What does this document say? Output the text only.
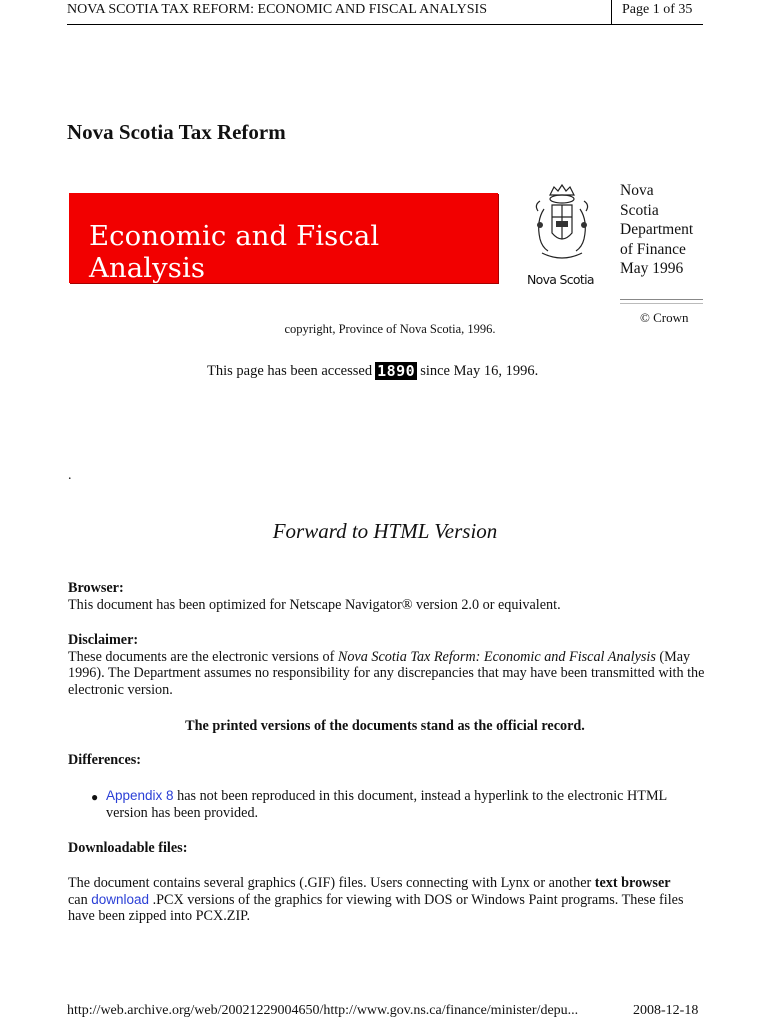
NOVA SCOTIA TAX REFORM: ECONOMIC AND FISCAL ANALYSIS	Page 1 of 35
Nova Scotia Tax Reform
Economic and Fiscal Analysis	Nova Scotia
Nova
Scotia
Department
of Finance
May 1996
© Crown
copyright, Province of Nova Scotia, 1996.
This page has been accessed 1890 since May 16, 1996.
.
Forward to HTML Version
Browser:
This document has been optimized for Netscape Navigator® version 2.0 or equivalent.
Disclaimer:
These documents are the electronic versions of Nova Scotia Tax Reform: Economic and Fiscal Analysis (May 1996). The Department assumes no responsibility for any discrepancies that may have been transmitted with the electronic version.
The printed versions of the documents stand as the official record.
Differences:
● Appendix 8 has not been reproduced in this document, instead a hyperlink to the electronic HTML version has been provided.
Downloadable files:
The document contains several graphics (.GIF) files. Users connecting with Lynx or another text browser can download .PCX versions of the graphics for viewing with DOS or Windows Paint programs. These files have been zipped into PCX.ZIP.
http://web.archive.org/web/20021229004650/http://www.gov.ns.ca/finance/minister/depu...	2008-12-18
